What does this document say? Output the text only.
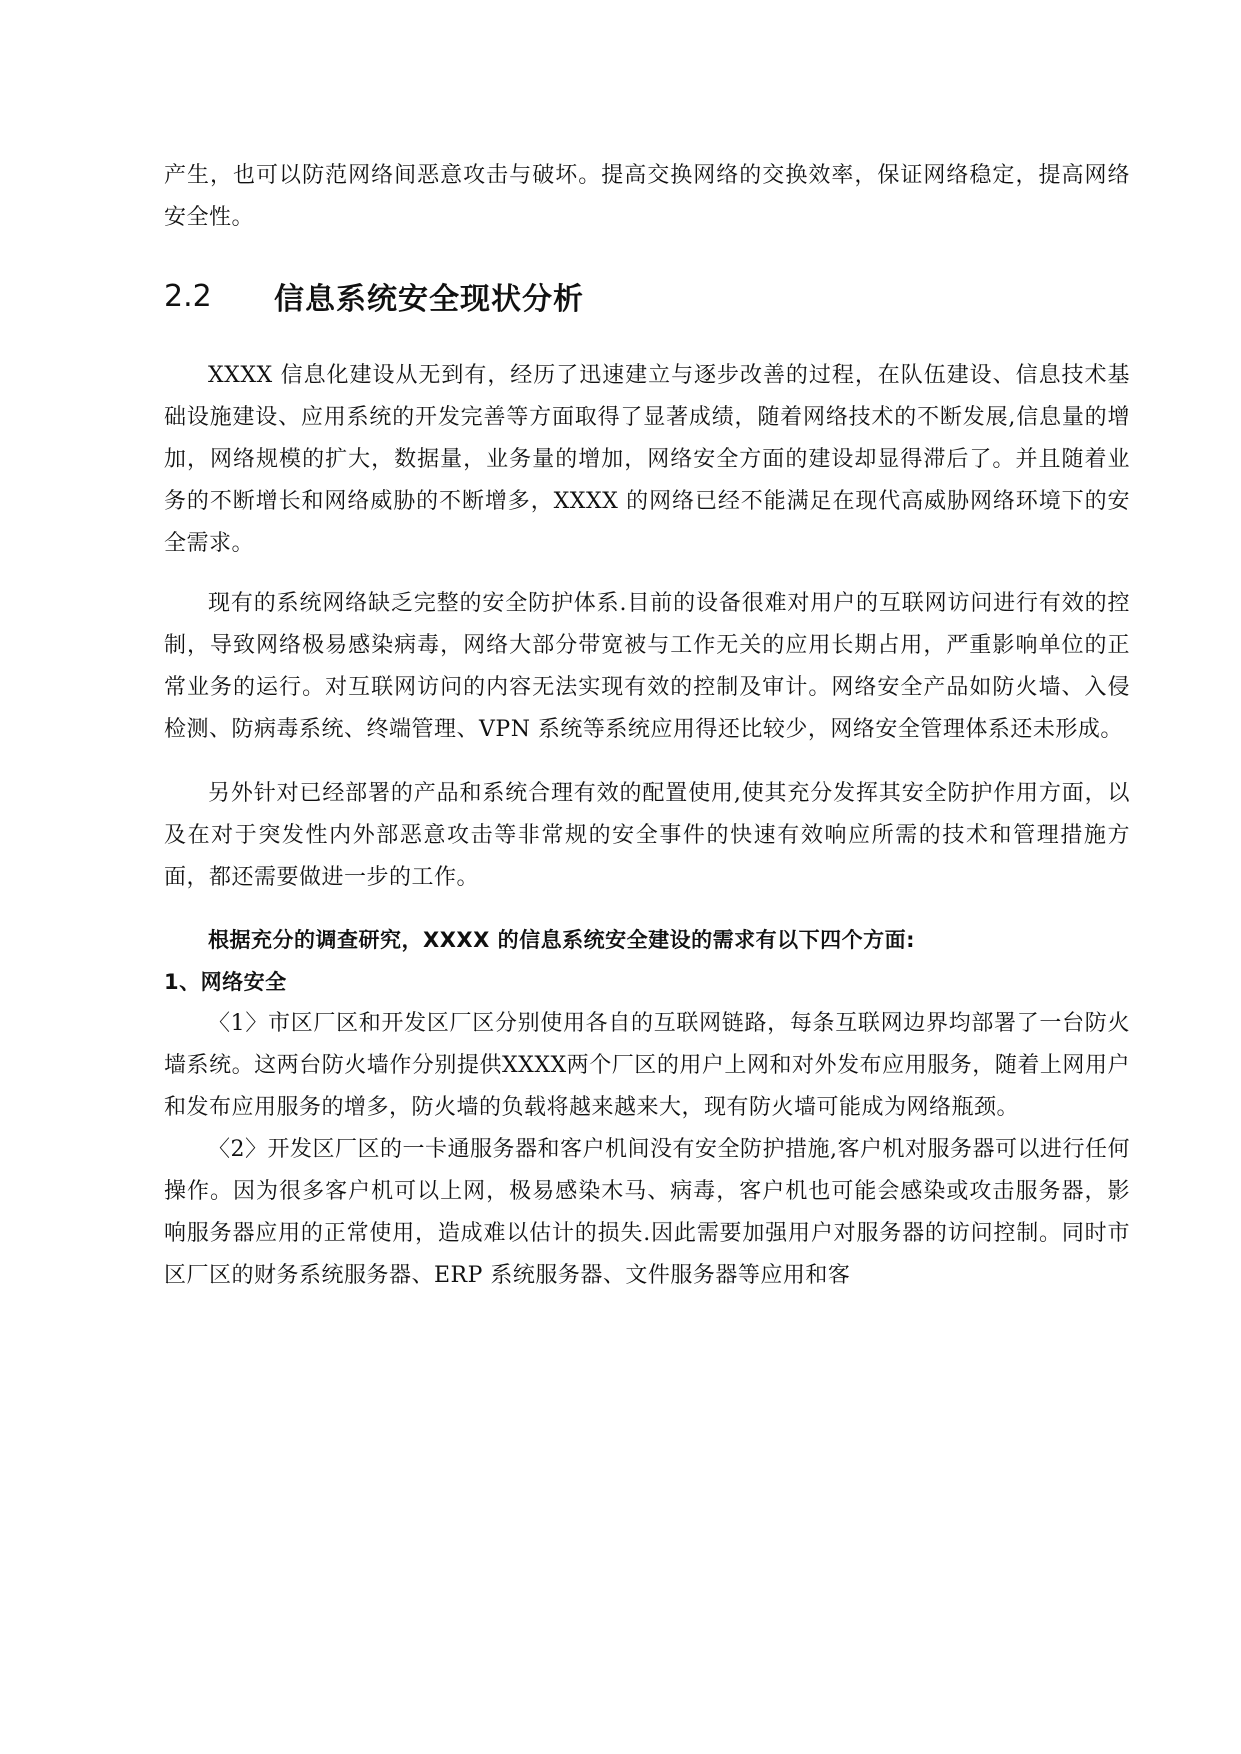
产生，也可以防范网络间恶意攻击与破坏。提高交换网络的交换效率，保证网络稳定，提高网络安全性。

2.2	信息系统安全现状分析

XXXX 信息化建设从无到有，经历了迅速建立与逐步改善的过程，在队伍建设、信息技术基础设施建设、应用系统的开发完善等方面取得了显著成绩，随着网络技术的不断发展,信息量的增加，网络规模的扩大，数据量，业务量的增加，网络安全方面的建设却显得滞后了。并且随着业务的不断增长和网络威胁的不断增多，XXXX 的网络已经不能满足在现代高威胁网络环境下的安全需求。

现有的系统网络缺乏完整的安全防护体系.目前的设备很难对用户的互联网访问进行有效的控制，导致网络极易感染病毒，网络大部分带宽被与工作无关的应用长期占用，严重影响单位的正常业务的运行。对互联网访问的内容无法实现有效的控制及审计。网络安全产品如防火墙、入侵检测、防病毒系统、终端管理、VPN 系统等系统应用得还比较少，网络安全管理体系还未形成。

另外针对已经部署的产品和系统合理有效的配置使用,使其充分发挥其安全防护作用方面，以及在对于突发性内外部恶意攻击等非常规的安全事件的快速有效响应所需的技术和管理措施方面，都还需要做进一步的工作。

根据充分的调查研究，XXXX 的信息系统安全建设的需求有以下四个方面:

1、网络安全

〈1〉市区厂区和开发区厂区分别使用各自的互联网链路，每条互联网边界均部署了一台防火墙系统。这两台防火墙作分别提供XXXX两个厂区的用户上网和对外发布应用服务，随着上网用户和发布应用服务的增多，防火墙的负载将越来越来大，现有防火墙可能成为网络瓶颈。

〈2〉开发区厂区的一卡通服务器和客户机间没有安全防护措施,客户机对服务器可以进行任何操作。因为很多客户机可以上网，极易感染木马、病毒，客户机也可能会感染或攻击服务器，影响服务器应用的正常使用，造成难以估计的损失.因此需要加强用户对服务器的访问控制。同时市区厂区的财务系统服务器、ERP 系统服务器、文件服务器等应用和客
